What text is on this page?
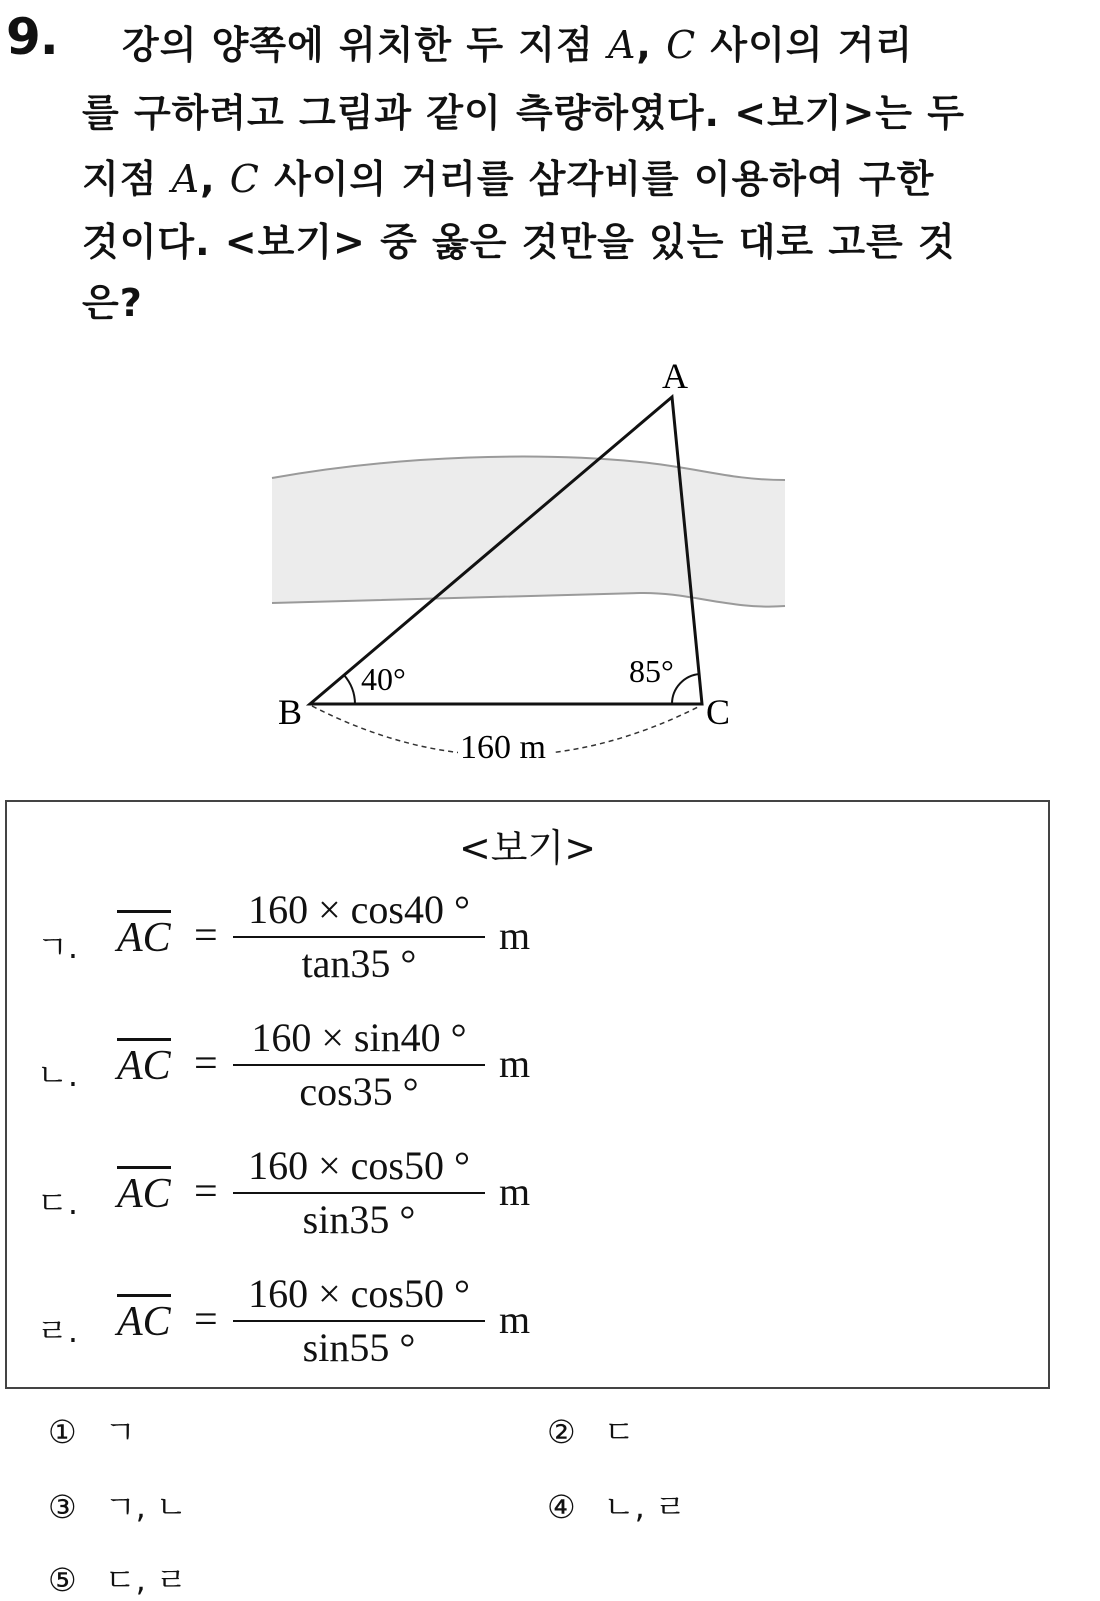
9.	강의 양쪽에 위치한 두 지점 A, C 사이의 거리
를 구하려고 그림과 같이 측량하였다. <보기>는 두
지점 A, C 사이의 거리를 삼각비를 이용하여 구한
것이다. <보기> 중 옳은 것만을 있는 대로 고른 것
은?
A
B	C
40°	85°
160 m
<보기>
ㄱ. AC =
160 × cos40 °
tan35 °
m
ㄴ. AC =
160 × sin40 °
cos35 °
m
ㄷ. AC =
160 × cos50 °
sin35 °
m
ㄹ. AC =
160 × cos50 °
sin55 °
m
① ㄱ	② ㄷ
③ ㄱ, ㄴ	④ ㄴ, ㄹ
⑤ ㄷ, ㄹ
